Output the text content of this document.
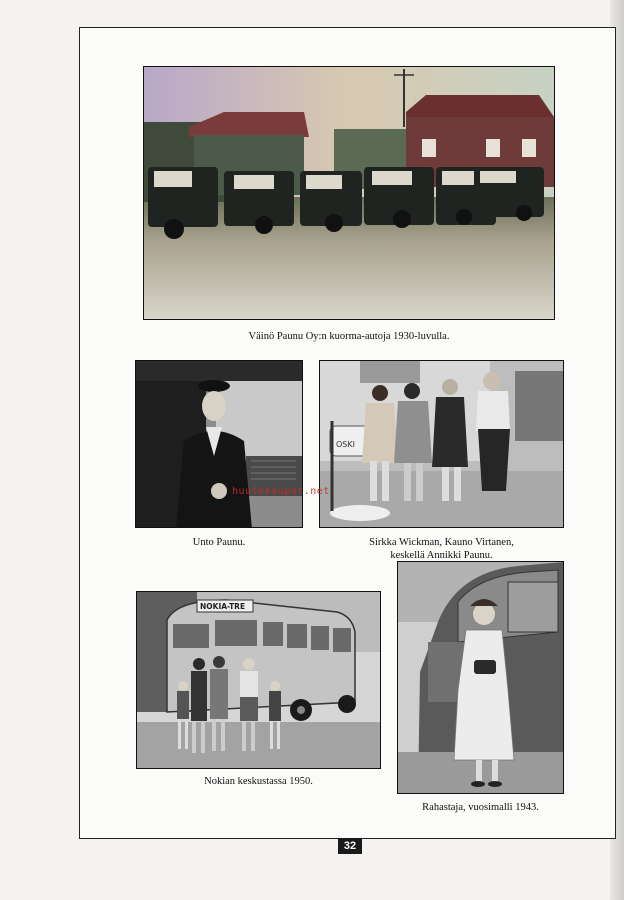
Väinö Paunu Oy:n kuorma-autoja 1930-luvulla.
Unto Paunu.
OSKI
Sirkka Wickman, Kauno Virtanen,
keskellä Annikki Paunu.
NOKIA-TRE
Nokian keskustassa 1950.
Rahastaja, vuosimalli 1943.
huutokaupat.net
32
